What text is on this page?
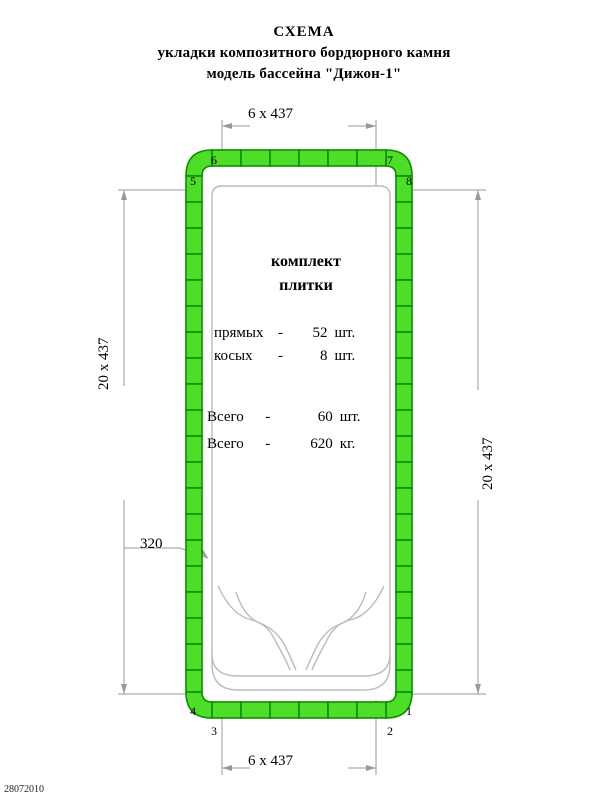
СХЕМА
укладки композитного бордюрного камня
модель бассейна "Дижон-1"
6 x 437
6 x 437
20 x 437
20 x 437
320
комплект
плитки
прямых	-	52	шт.
косых	-	8	шт.
Всего	-	60	шт.
Всего	-	620	кг.
1
2
3
4
5
6	7
8
28072010
